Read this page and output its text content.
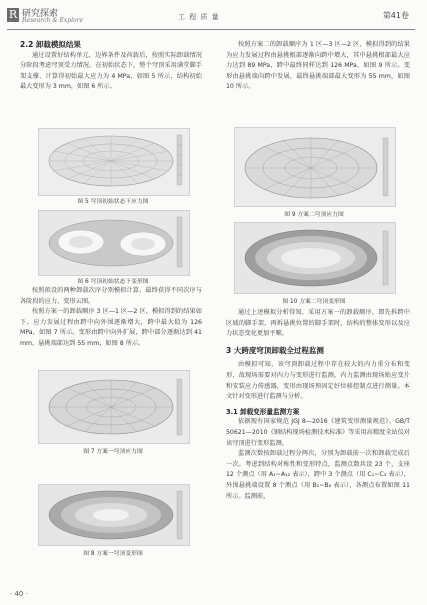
R 研究探索
Research & Explore	工 程 质 量	第41卷
2.2 卸载模拟结果

通过设置好结构单元、边界条件及荷载后，按照实际卸载情况分阶段考虑穹顶受力情况。在初始状态下，整个穹顶采用满堂脚手架支撑，计算得初始最大应力为 4 MPa，如图 5 所示，结构初始最大变形为 3 mm，如图 6 所示。

图 5 穹顶初始状态下应力图
图 6 穹顶初始状态下变形图

按照拟设的两种卸载次序分别模拟计算，最终获得不同次序与各阶段的应力、变形云图。

按照方案一的卸载顺序 3 区—1 区—2 区，模拟得到的结果如下。应力发展过程由跨中向外围逐渐增大，跨中最大值为 126 MPa，如图 7 所示。变形由跨中向外扩展，跨中部分逐渐达到 41 mm，悬挑端部达到 55 mm，如图 8 所示。

图 7 方案一穹顶应力图
图 8 方案一穹顶变形图

按照方案二的卸载顺序为 1 区—3 区—2 区，模拟得到的结果为应力发展过程由悬挑根部逐渐向跨中增大，其中悬挑根部最大应力达到 89 MPa，跨中最终同样达到 126 MPa，如图 9 所示。变形由悬挑端向跨中发展，最终悬挑端部最大变形为 55 mm，如图 10 所示。

图 9 方案二穹顶应力图
图 10 方案二穹顶变形图

通过上述模拟分析得知，采用方案一的卸载顺序，即先拆跨中区域的脚手架，再拆悬挑位置的脚手架时，结构的整体变形以及应力状态变化更加平顺。

3 大跨度穹顶卸载全过程监测

由模拟可知，该穹顶卸载过程中存在较大的内力重分布和变形，故现场需要对内力与变形进行监测，内力监测由现场贴应变片和安装应力传感器，变形由现场预固定好位移控制点进行测量。本文针对变形进行监测与分析。

3.1 卸载变形量监测方案

依据现有国家规范 JGJ 8—2016《建筑变形测量规范》、GB/T 50621—2010《钢结构现场检测技术标准》等采用高精度全站仪对该穹顶进行变形监测。

监测次数按卸载过程分两次，分别为卸载前一次和卸载完成后一次。考虑到结构对称性和变形特点，监测点数共设 23 个，支座 12 个测点（用 A₁~A₁₂ 表示），跨中 3 个测点（用 C₁~C₃ 表示），外围悬挑端设置 8 个测点（用 B₁~B₈ 表示），各测点布置如图 11 所示。监测前，

· 40 ·
